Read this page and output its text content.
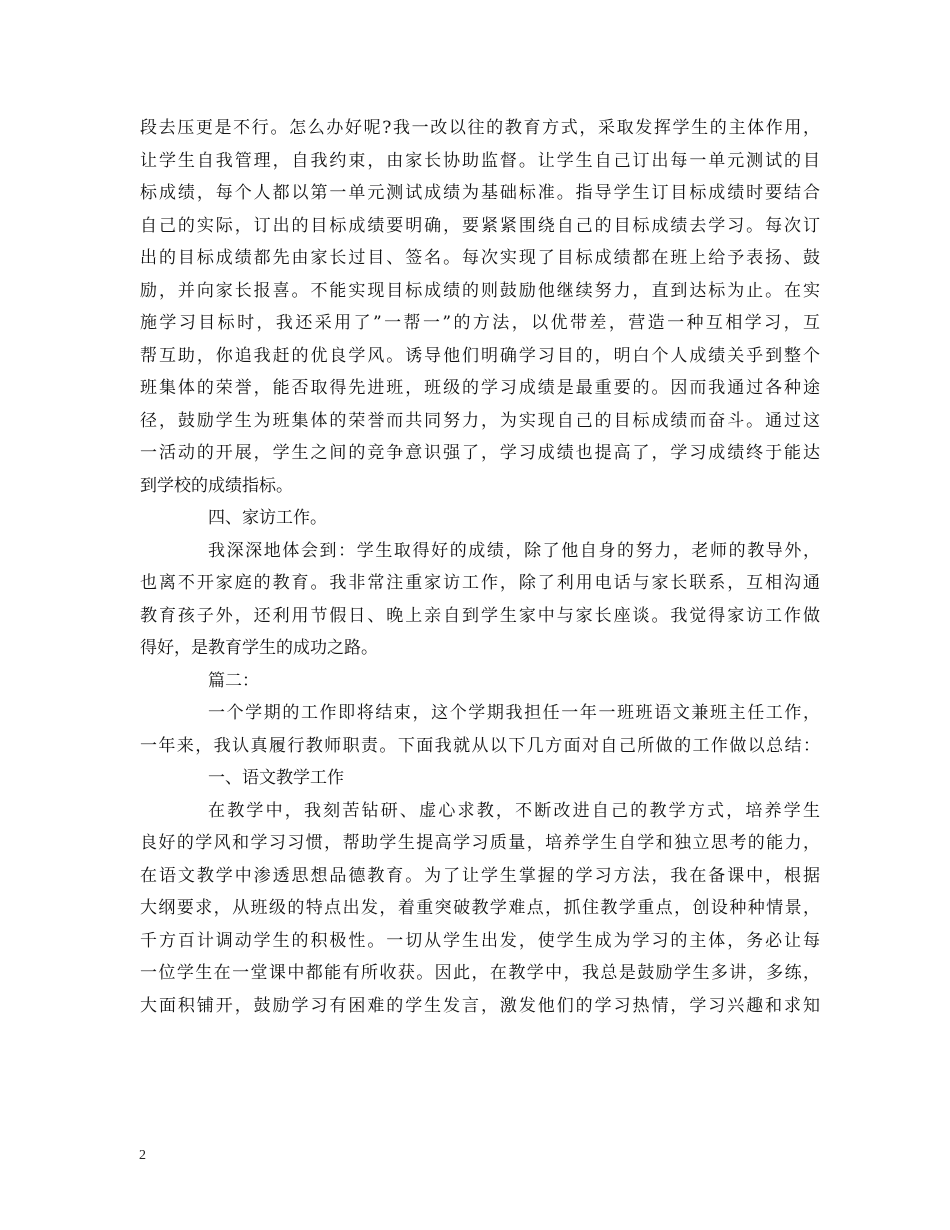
段去压更是不行。怎么办好呢?我一改以往的教育方式，采取发挥学生的主体作用，
让学生自我管理，自我约束，由家长协助监督。让学生自己订出每一单元测试的目
标成绩，每个人都以第一单元测试成绩为基础标准。指导学生订目标成绩时要结合
自己的实际，订出的目标成绩要明确，要紧紧围绕自己的目标成绩去学习。每次订
出的目标成绩都先由家长过目、签名。每次实现了目标成绩都在班上给予表扬、鼓
励，并向家长报喜。不能实现目标成绩的则鼓励他继续努力，直到达标为止。在实
施学习目标时，我还采用了”一帮一”的方法，以优带差，营造一种互相学习，互
帮互助，你追我赶的优良学风。诱导他们明确学习目的，明白个人成绩关乎到整个
班集体的荣誉，能否取得先进班，班级的学习成绩是最重要的。因而我通过各种途
径，鼓励学生为班集体的荣誉而共同努力，为实现自己的目标成绩而奋斗。通过这
一活动的开展，学生之间的竞争意识强了，学习成绩也提高了，学习成绩终于能达
到学校的成绩指标。
四、家访工作。
我深深地体会到：学生取得好的成绩，除了他自身的努力，老师的教导外，
也离不开家庭的教育。我非常注重家访工作，除了利用电话与家长联系，互相沟通
教育孩子外，还利用节假日、晚上亲自到学生家中与家长座谈。我觉得家访工作做
得好，是教育学生的成功之路。
篇二：
一个学期的工作即将结束，这个学期我担任一年一班班语文兼班主任工作，
一年来，我认真履行教师职责。下面我就从以下几方面对自己所做的工作做以总结：
一、语文教学工作
在教学中，我刻苦钻研、虚心求教，不断改进自己的教学方式，培养学生
良好的学风和学习习惯，帮助学生提高学习质量，培养学生自学和独立思考的能力，
在语文教学中渗透思想品德教育。为了让学生掌握的学习方法，我在备课中，根据
大纲要求，从班级的特点出发，着重突破教学难点，抓住教学重点，创设种种情景，
千方百计调动学生的积极性。一切从学生出发，使学生成为学习的主体，务必让每
一位学生在一堂课中都能有所收获。因此，在教学中，我总是鼓励学生多讲，多练，
大面积铺开，鼓励学习有困难的学生发言，激发他们的学习热情，学习兴趣和求知
2
